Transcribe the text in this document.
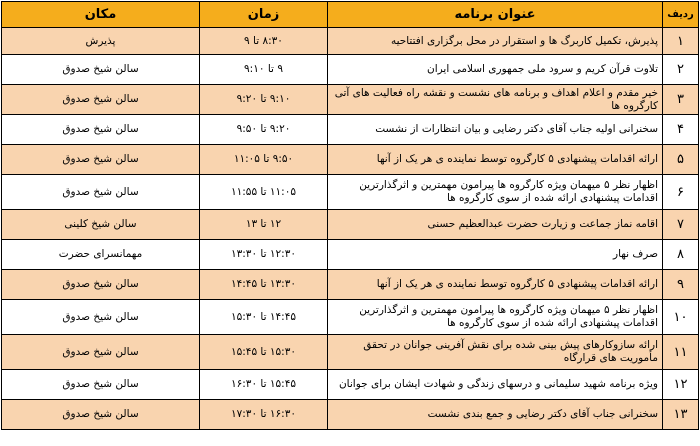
ردیف	عنوان برنامه	زمان	مکان
۱	پذیرش، تکمیل کاربرگ ها و استقرار در محل برگزاری افتتاحیه	۸:۳۰ تا ۹	پذیرش
۲	تلاوت قرآن کریم و سرود ملی جمهوری اسلامی ایران	۹ تا ۹:۱۰	سالن شیخ صدوق
۳	خیر مقدم و اعلام اهداف و برنامه های نشست و نقشه راه فعالیت های آتی کارگروه ها	۹:۱۰ تا ۹:۲۰	سالن شیخ صدوق
۴	سخنرانی اولیه جناب آقای دکتر رضایی و بیان انتظارات از نشست	۹:۲۰ تا ۹:۵۰	سالن شیخ صدوق
۵	ارائه اقدامات پیشنهادی ۵ کارگروه توسط نماینده ی هر یک از آنها	۹:۵۰ تا ۱۱:۰۵	سالن شیخ صدوق
۶	اظهار نظر ۵ میهمان ویژه کارگروه ها پیرامون مهمترین و اثرگذارترین اقدامات پیشنهادی ارائه شده از سوی کارگروه ها	۱۱:۰۵ تا ۱۱:۵۵	سالن شیخ صدوق
۷	اقامه نماز جماعت و زیارت حضرت عبدالعظیم حسنی	۱۲ تا ۱۳	سالن شیخ کلینی
۸	صرف نهار	۱۲:۳۰ تا ۱۳:۳۰	مهمانسرای حضرت
۹	ارائه اقدامات پیشنهادی ۵ کارگروه توسط نماینده ی هر یک از آنها	۱۳:۳۰ تا ۱۴:۴۵	سالن شیخ صدوق
۱۰	اظهار نظر ۵ میهمان ویژه کارگروه ها پیرامون مهمترین و اثرگذارترین اقدامات پیشنهادی ارائه شده از سوی کارگروه ها	۱۴:۴۵ تا ۱۵:۳۰	سالن شیخ صدوق
۱۱	ارائه سازوکارهای پیش بینی شده برای نقش آفرینی جوانان در تحقق مأموریت های قرارگاه	۱۵:۳۰ تا ۱۵:۴۵	سالن شیخ صدوق
۱۲	ویژه برنامه شهید سلیمانی و درسهای زندگی و شهادت ایشان برای جوانان	۱۵:۴۵ تا ۱۶:۳۰	سالن شیخ صدوق
۱۳	سخنرانی جناب آقای دکتر رضایی و جمع بندی نشست	۱۶:۳۰ تا ۱۷:۳۰	سالن شیخ صدوق
